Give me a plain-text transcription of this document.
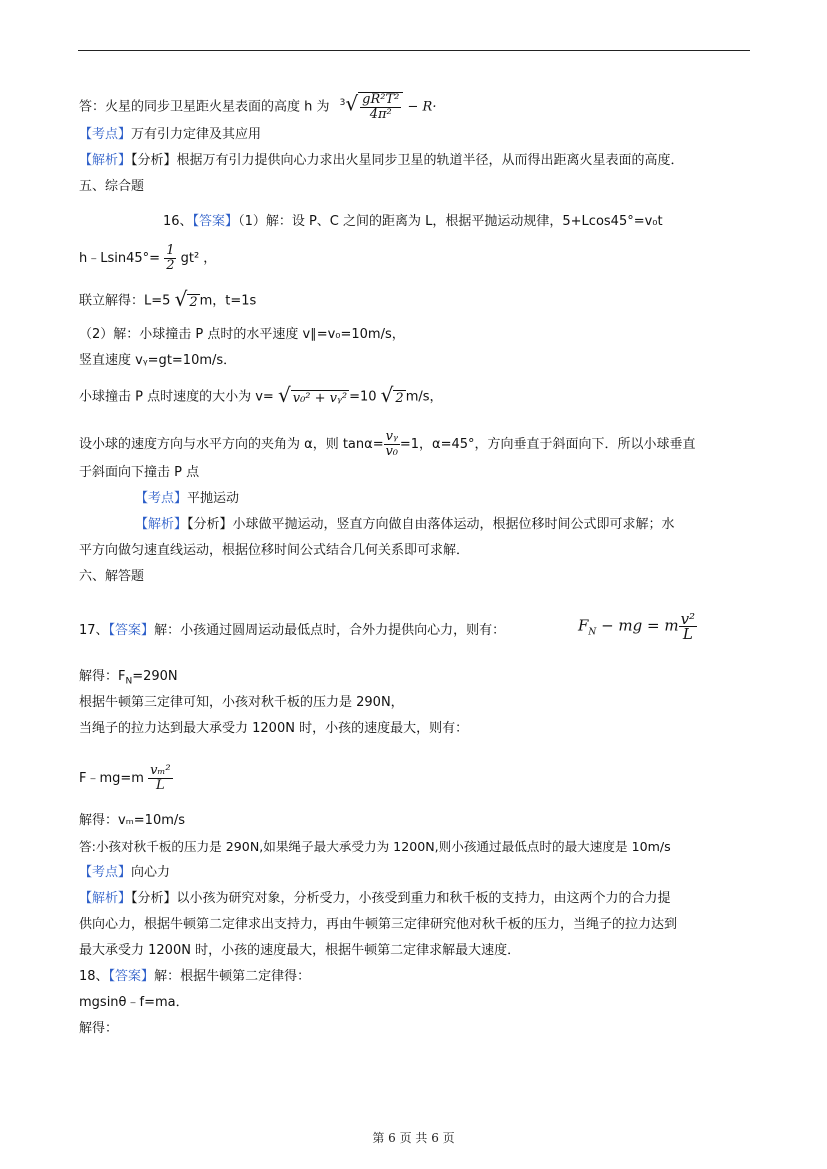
答：火星的同步卫星距火星表面的高度 h 为 $^3√ \frac{\text{gR²T²}}{\text{4π²}} - R\cdot$
【考点】万有引力定律及其应用
【解析】【分析】根据万有引力提供向心力求出火星同步卫星的轨道半径，从而得出距离火星表面的高度．
五、综合题
16、【答案】（1）解：设 P、C 之间的距离为 L，根据平抛运动规律，5+Lcos45°=v₀t
h﹣Lsin45°= $\frac{1}{2} gt^2$ ，
联立解得：L=5 √ 2 m，t=1s
（2）解：小球撞击 P 点时的水平速度 v∥=v₀=10m/s，
竖直速度 vᵧ=gt=10m/s．
小球撞击 P 点时速度的大小为 v= √ v₀² + vᵧ² =10 √ 2 m/s，
设小球的速度方向与水平方向的夹角为 α，则 $\tan\alpha= \frac{\text{vᵧ}}{\text{v₀}} =1$，α=45°，方向垂直于斜面向下．所以小球垂直
于斜面向下撞击 P 点
【考点】平抛运动
【解析】【分析】小球做平抛运动，竖直方向做自由落体运动，根据位移时间公式即可求解；水
平方向做匀速直线运动，根据位移时间公式结合几何关系即可求解．
六、解答题
17、【答案】解：小孩通过圆周运动最低点时，合外力提供向心力，则有：	$F_N$ − mg = m $\frac{\text{v²}}{L}$
解得：$F_N=290N$
根据牛顿第三定律可知，小孩对秋千板的压力是 290N，
当绳子的拉力达到最大承受力 1200N 时，小孩的速度最大，则有：
F﹣mg=m $\frac{\text{vₘ²}}{L}$
解得：vₘ=10m/s
答:小孩对秋千板的压力是 290N,如果绳子最大承受力为 1200N,则小孩通过最低点时的最大速度是 10m/s
【考点】向心力
【解析】【分析】以小孩为研究对象，分析受力，小孩受到重力和秋千板的支持力，由这两个力的合力提
供向心力，根据牛顿第二定律求出支持力，再由牛顿第三定律研究他对秋千板的压力，当绳子的拉力达到
最大承受力 1200N 时，小孩的速度最大，根据牛顿第二定律求解最大速度．
18、【答案】解：根据牛顿第二定律得：
mgsinθ﹣f=ma．
解得：
第 6 页 共 6 页
